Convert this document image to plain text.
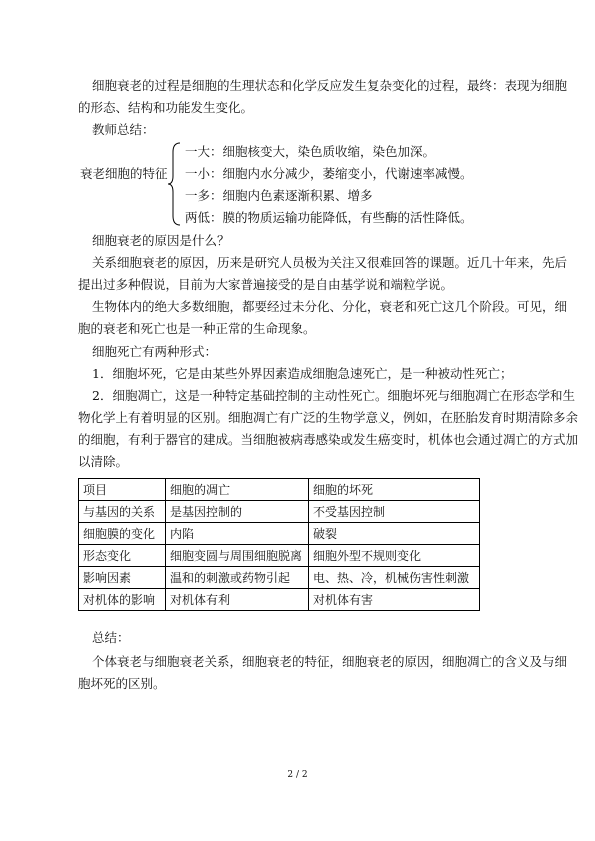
细胞衰老的过程是细胞的生理状态和化学反应发生复杂变化的过程，最终：表现为细胞
的形态、结构和功能发生变化。
教师总结：
衰老细胞的特征
一大：细胞核变大，染色质收缩，染色加深。
一小：细胞内水分减少，萎缩变小，代谢速率减慢。
一多：细胞内色素逐渐积累、增多
两低：膜的物质运输功能降低，有些酶的活性降低。
细胞衰老的原因是什么？
关系细胞衰老的原因，历来是研究人员极为关注又很难回答的课题。近几十年来，先后
提出过多种假说，目前为大家普遍接受的是自由基学说和端粒学说。
生物体内的绝大多数细胞，都要经过未分化、分化，衰老和死亡这几个阶段。可见，细
胞的衰老和死亡也是一种正常的生命现象。
细胞死亡有两种形式：
1．细胞坏死，它是由某些外界因素造成细胞急速死亡，是一种被动性死亡；
2．细胞凋亡，这是一种特定基础控制的主动性死亡。细胞坏死与细胞凋亡在形态学和生
物化学上有着明显的区别。细胞凋亡有广泛的生物学意义，例如，在胚胎发育时期清除多余
的细胞，有利于器官的建成。当细胞被病毒感染或发生癌变时，机体也会通过凋亡的方式加
以清除。
项目	细胞的凋亡	细胞的坏死
与基因的关系	是基因控制的	不受基因控制
细胞膜的变化	内陷	破裂
形态变化	细胞变圆与周围细胞脱离	细胞外型不规则变化
影响因素	温和的刺激或药物引起	电、热、冷，机械伤害性刺激
对机体的影响	对机体有利	对机体有害
总结：
个体衰老与细胞衰老关系，细胞衰老的特征，细胞衰老的原因，细胞凋亡的含义及与细
胞坏死的区别。
2 / 2
